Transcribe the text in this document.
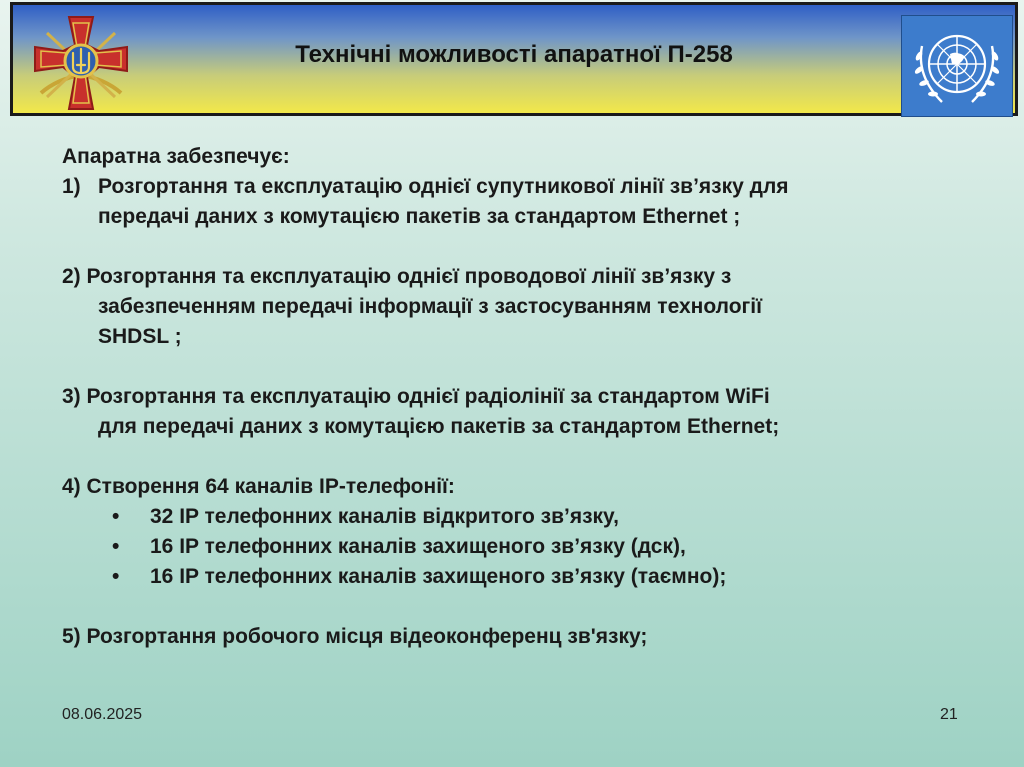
Технічні можливості апаратної П-258
Апаратна забезпечує:
1) Розгортання та експлуатацію однієї супутникової лінії зв’язку для
передачі даних з комутацією пакетів за стандартом Ethernet ;
2) Розгортання та експлуатацію однієї проводової лінії зв’язку з
забезпеченням передачі інформації з застосуванням технології
SHDSL ;
3) Розгортання та експлуатацію однієї радіолінії за стандартом WiFi
для передачі даних з комутацією пакетів за стандартом Ethernet;
4) Створення 64 каналів IP-телефонії:
• 32 IP телефонних каналів відкритого зв’язку,
• 16 IP телефонних каналів захищеного зв’язку (дск),
• 16 IP телефонних каналів захищеного зв’язку (таємно);
5) Розгортання робочого місця відеоконференц зв'язку;
08.06.2025	21
